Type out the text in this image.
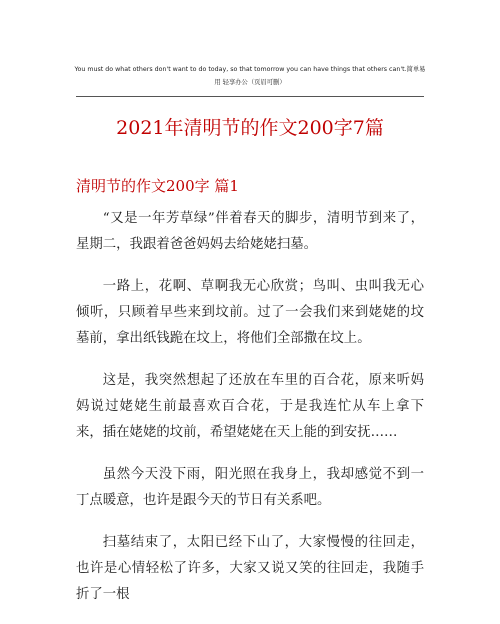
You must do what others don't want to do today, so that tomorrow you can have things that others can't.简单易
用 轻享办公（页眉可删）
2021年清明节的作文200字7篇
清明节的作文200字 篇1

“又是一年芳草绿”伴着春天的脚步，清明节到来了，星期二，我跟着爸爸妈妈去给姥姥扫墓。

一路上，花啊、草啊我无心欣赏；鸟叫、虫叫我无心倾听，只顾着早些来到坟前。过了一会我们来到姥姥的坟墓前，拿出纸钱跪在坟上，将他们全部撒在坟上。

这是，我突然想起了还放在车里的百合花，原来听妈妈说过姥姥生前最喜欢百合花，于是我连忙从车上拿下来，插在姥姥的坟前，希望姥姥在天上能的到安抚……

虽然今天没下雨，阳光照在我身上，我却感觉不到一丁点暖意，也许是跟今天的节日有关系吧。

扫墓结束了，太阳已经下山了，大家慢慢的往回走，也许是心情轻松了许多，大家又说又笑的往回走，我随手折了一根
